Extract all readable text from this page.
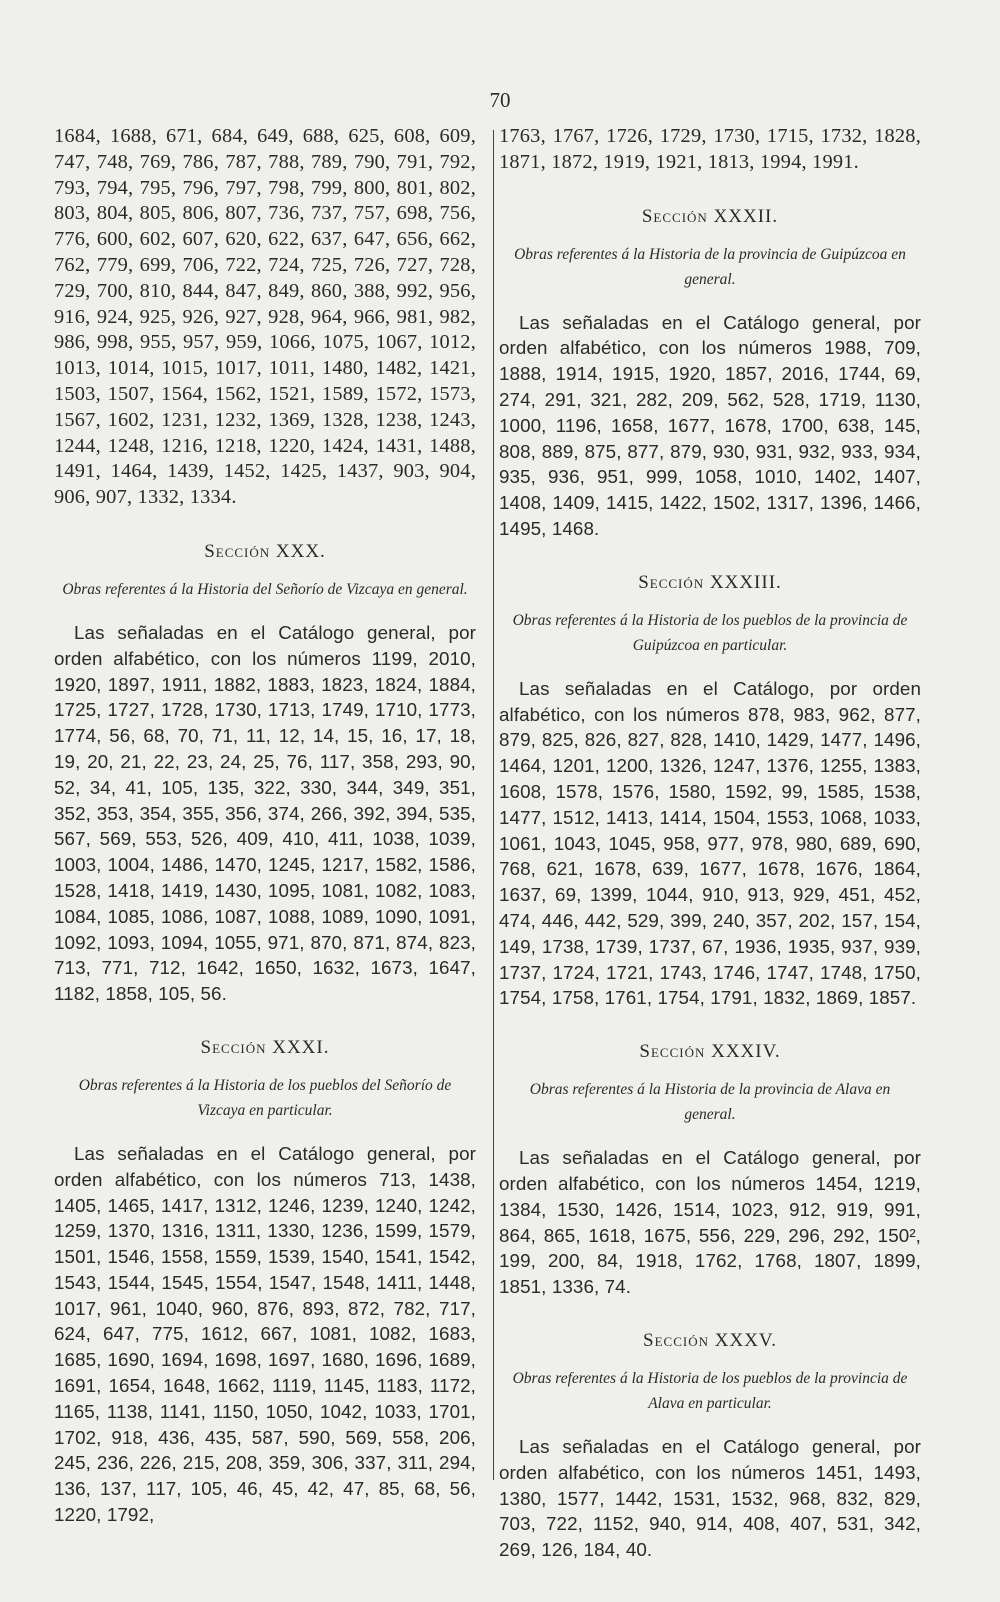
70

1684, 1688, 671, 684, 649, 688, 625, 608, 609, 747, 748, 769, 786, 787, 788, 789, 790, 791, 792, 793, 794, 795, 796, 797, 798, 799, 800, 801, 802, 803, 804, 805, 806, 807, 736, 737, 757, 698, 756, 776, 600, 602, 607, 620, 622, 637, 647, 656, 662, 762, 779, 699, 706, 722, 724, 725, 726, 727, 728, 729, 700, 810, 844, 847, 849, 860, 388, 992, 956, 916, 924, 925, 926, 927, 928, 964, 966, 981, 982, 986, 998, 955, 957, 959, 1066, 1075, 1067, 1012, 1013, 1014, 1015, 1017, 1011, 1480, 1482, 1421, 1503, 1507, 1564, 1562, 1521, 1589, 1572, 1573, 1567, 1602, 1231, 1232, 1369, 1328, 1238, 1243, 1244, 1248, 1216, 1218, 1220, 1424, 1431, 1488, 1491, 1464, 1439, 1452, 1425, 1437, 903, 904, 906, 907, 1332, 1334.

Sección XXX.
Obras referentes á la Historia del Señorío de Vizcaya en general.

Las señaladas en el Catálogo general, por orden alfabético, con los números 1199, 2010, 1920, 1897, 1911, 1882, 1883, 1823, 1824, 1884, 1725, 1727, 1728, 1730, 1713, 1749, 1710, 1773, 1774, 56, 68, 70, 71, 11, 12, 14, 15, 16, 17, 18, 19, 20, 21, 22, 23, 24, 25, 76, 117, 358, 293, 90, 52, 34, 41, 105, 135, 322, 330, 344, 349, 351, 352, 353, 354, 355, 356, 374, 266, 392, 394, 535, 567, 569, 553, 526, 409, 410, 411, 1038, 1039, 1003, 1004, 1486, 1470, 1245, 1217, 1582, 1586, 1528, 1418, 1419, 1430, 1095, 1081, 1082, 1083, 1084, 1085, 1086, 1087, 1088, 1089, 1090, 1091, 1092, 1093, 1094, 1055, 971, 870, 871, 874, 823, 713, 771, 712, 1642, 1650, 1632, 1673, 1647, 1182, 1858, 105, 56.

Sección XXXI.
Obras referentes á la Historia de los pueblos del Señorío de Vizcaya en particular.

Las señaladas en el Catálogo general, por orden alfabético, con los números 713, 1438, 1405, 1465, 1417, 1312, 1246, 1239, 1240, 1242, 1259, 1370, 1316, 1311, 1330, 1236, 1599, 1579, 1501, 1546, 1558, 1559, 1539, 1540, 1541, 1542, 1543, 1544, 1545, 1554, 1547, 1548, 1411, 1448, 1017, 961, 1040, 960, 876, 893, 872, 782, 717, 624, 647, 775, 1612, 667, 1081, 1082, 1683, 1685, 1690, 1694, 1698, 1697, 1680, 1696, 1689, 1691, 1654, 1648, 1662, 1119, 1145, 1183, 1172, 1165, 1138, 1141, 1150, 1050, 1042, 1033, 1701, 1702, 918, 436, 435, 587, 590, 569, 558, 206, 245, 236, 226, 215, 208, 359, 306, 337, 311, 294, 136, 137, 117, 105, 46, 45, 42, 47, 85, 68, 56, 1220, 1792,

1763, 1767, 1726, 1729, 1730, 1715, 1732, 1828, 1871, 1872, 1919, 1921, 1813, 1994, 1991.

Sección XXXII.
Obras referentes á la Historia de la provincia de Guipúzcoa en general.

Las señaladas en el Catálogo general, por orden alfabético, con los números 1988, 709, 1888, 1914, 1915, 1920, 1857, 2016, 1744, 69, 274, 291, 321, 282, 209, 562, 528, 1719, 1130, 1000, 1196, 1658, 1677, 1678, 1700, 638, 145, 808, 889, 875, 877, 879, 930, 931, 932, 933, 934, 935, 936, 951, 999, 1058, 1010, 1402, 1407, 1408, 1409, 1415, 1422, 1502, 1317, 1396, 1466, 1495, 1468.

Sección XXXIII.
Obras referentes á la Historia de los pueblos de la provincia de Guipúzcoa en particular.

Las señaladas en el Catálogo, por orden alfabético, con los números 878, 983, 962, 877, 879, 825, 826, 827, 828, 1410, 1429, 1477, 1496, 1464, 1201, 1200, 1326, 1247, 1376, 1255, 1383, 1608, 1578, 1576, 1580, 1592, 99, 1585, 1538, 1477, 1512, 1413, 1414, 1504, 1553, 1068, 1033, 1061, 1043, 1045, 958, 977, 978, 980, 689, 690, 768, 621, 1678, 639, 1677, 1678, 1676, 1864, 1637, 69, 1399, 1044, 910, 913, 929, 451, 452, 474, 446, 442, 529, 399, 240, 357, 202, 157, 154, 149, 1738, 1739, 1737, 67, 1936, 1935, 937, 939, 1737, 1724, 1721, 1743, 1746, 1747, 1748, 1750, 1754, 1758, 1761, 1754, 1791, 1832, 1869, 1857.

Sección XXXIV.
Obras referentes á la Historia de la provincia de Alava en general.

Las señaladas en el Catálogo general, por orden alfabético, con los números 1454, 1219, 1384, 1530, 1426, 1514, 1023, 912, 919, 991, 864, 865, 1618, 1675, 556, 229, 296, 292, 150², 199, 200, 84, 1918, 1762, 1768, 1807, 1899, 1851, 1336, 74.

Sección XXXV.
Obras referentes á la Historia de los pueblos de la provincia de Alava en particular.

Las señaladas en el Catálogo general, por orden alfabético, con los números 1451, 1493, 1380, 1577, 1442, 1531, 1532, 968, 832, 829, 703, 722, 1152, 940, 914, 408, 407, 531, 342, 269, 126, 184, 40.
